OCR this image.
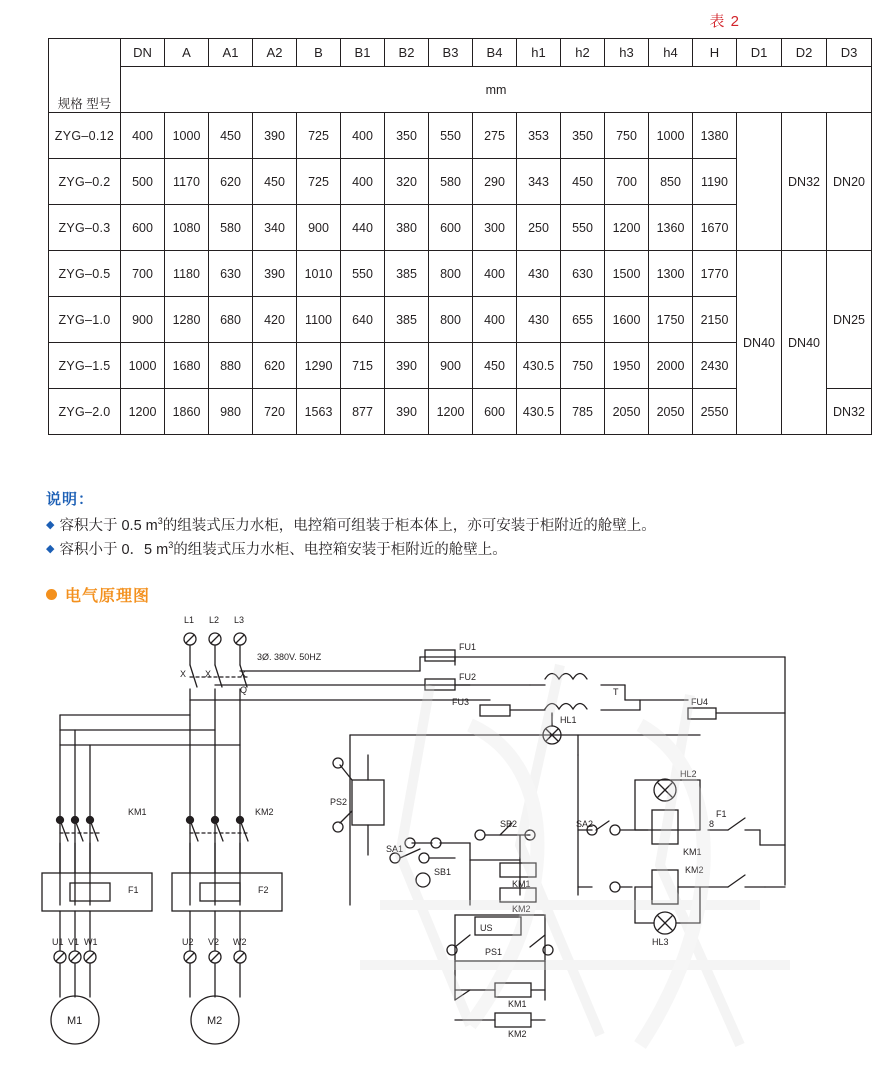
表 2
规格 型号	DN	A	A1	A2	B	B1	B2	B3	B4	h1	h2	h3	h4	H	D1	D2	D3
	mm																
ZYG–0.12	400	1000	450	390	725	400	350	550	275	353	350	750	1000	1380		DN32	DN20
ZYG–0.2	500	1170	620	450	725	400	320	580	290	343	450	700	850	1190			
ZYG–0.3	600	1080	580	340	900	440	380	600	300	250	550	1200	1360	1670			
ZYG–0.5	700	1180	630	390	1010	550	385	800	400	430	630	1500	1300	1770	DN40	DN40	DN25
ZYG–1.0	900	1280	680	420	1100	640	385	800	400	430	655	1600	1750	2150			
ZYG–1.5	1000	1680	880	620	1290	715	390	900	450	430.5	750	1950	2000	2430			
ZYG–2.0	1200	1860	980	720	1563	877	390	1200	600	430.5	785	2050	2050	2550			DN32
说明：
◆ 容积大于 0.5 $m^3$的组装式压力水柜，电控箱可组装于柜本体上，亦可安装于柜附近的舱壁上。
◆ 容积小于 0．5 $m^3$的组装式压力水柜、电控箱安装于柜附近的舱壁上。
电气原理图
L1 L2 L3
3Ø. 380V. 50HZ
X X	X
Q
FU1
FU2
FU3	FU4
T
HL1
PS2
KM1	KM2
F1	F2
SA1
SB1
SB2	SA2
KM1
KM2
US
PS1
KM1
KM2
HL2
KM1
KM2
HL3
F1
8
U1 V1 W1	U2 V2 W2
M1	M2
